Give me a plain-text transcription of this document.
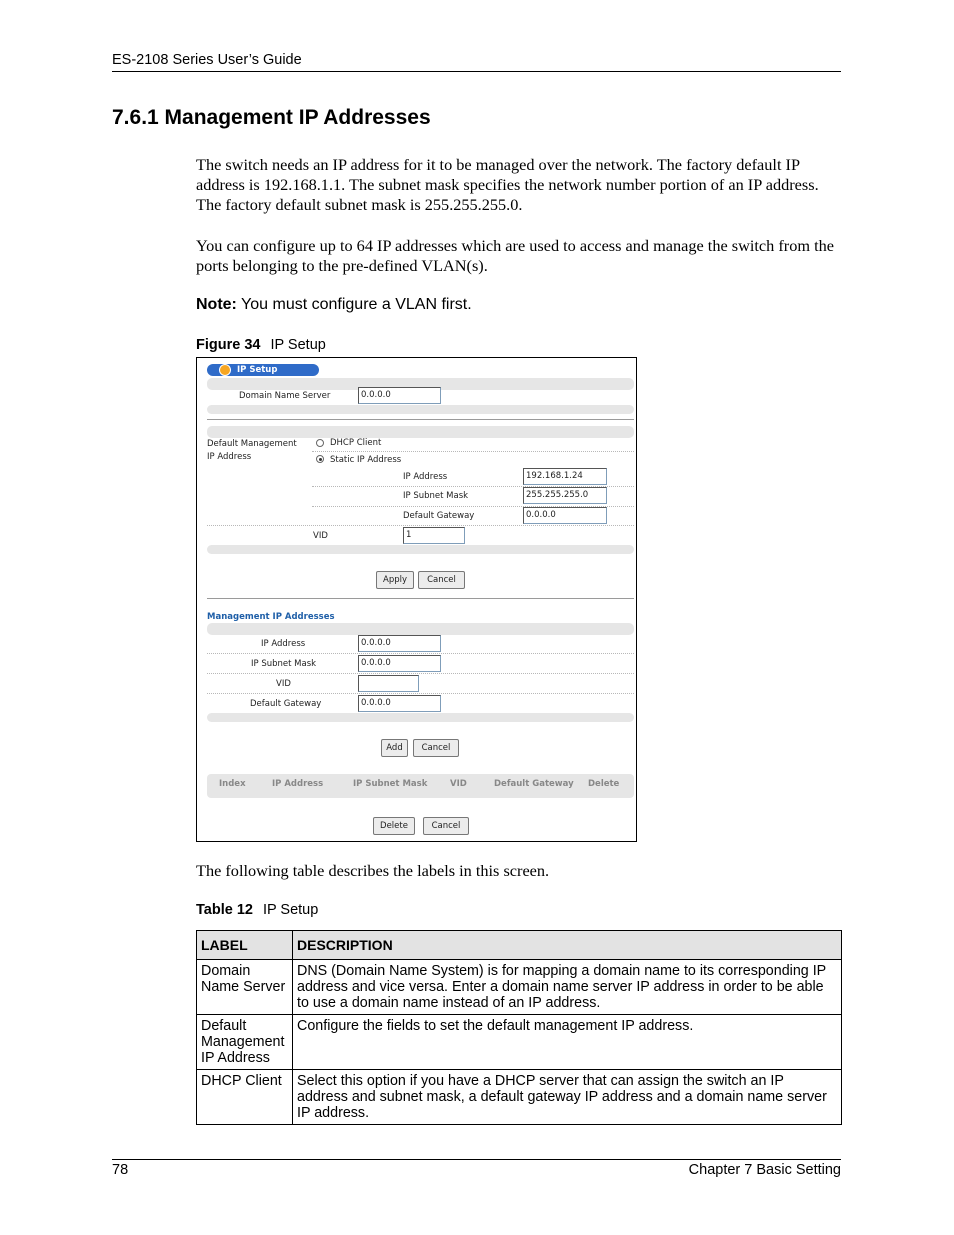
ES-2108 Series User’s Guide
7.6.1 Management IP Addresses
The switch needs an IP address for it to be managed over the network. The factory default IP address is 192.168.1.1. The subnet mask specifies the network number portion of an IP address. The factory default subnet mask is 255.255.255.0.
You can configure up to 64 IP addresses which are used to access and manage the switch from the ports belonging to the pre-defined VLAN(s).
Note: You must configure a VLAN first.
Figure 34 IP Setup
IP Setup
Domain Name Server	0.0.0.0
Default Management IP Address
DHCP Client
Static IP Address
IP Address	192.168.1.24
IP Subnet Mask	255.255.255.0
Default Gateway	0.0.0.0
VID	1
Apply	Cancel
Management IP Addresses
IP Address	0.0.0.0
IP Subnet Mask	0.0.0.0
VID
Default Gateway	0.0.0.0
Add	Cancel
Index	IP Address	IP Subnet Mask	VID	Default Gateway Delete
Delete	Cancel
The following table describes the labels in this screen.
Table 12 IP Setup
LABEL	DESCRIPTION
Domain Name Server	DNS (Domain Name System) is for mapping a domain name to its corresponding IP address and vice versa. Enter a domain name server IP address in order to be able to use a domain name instead of an IP address.
Default Management IP Address	Configure the fields to set the default management IP address.
DHCP Client	Select this option if you have a DHCP server that can assign the switch an IP address and subnet mask, a default gateway IP address and a domain name server IP address.
78	Chapter 7 Basic Setting
